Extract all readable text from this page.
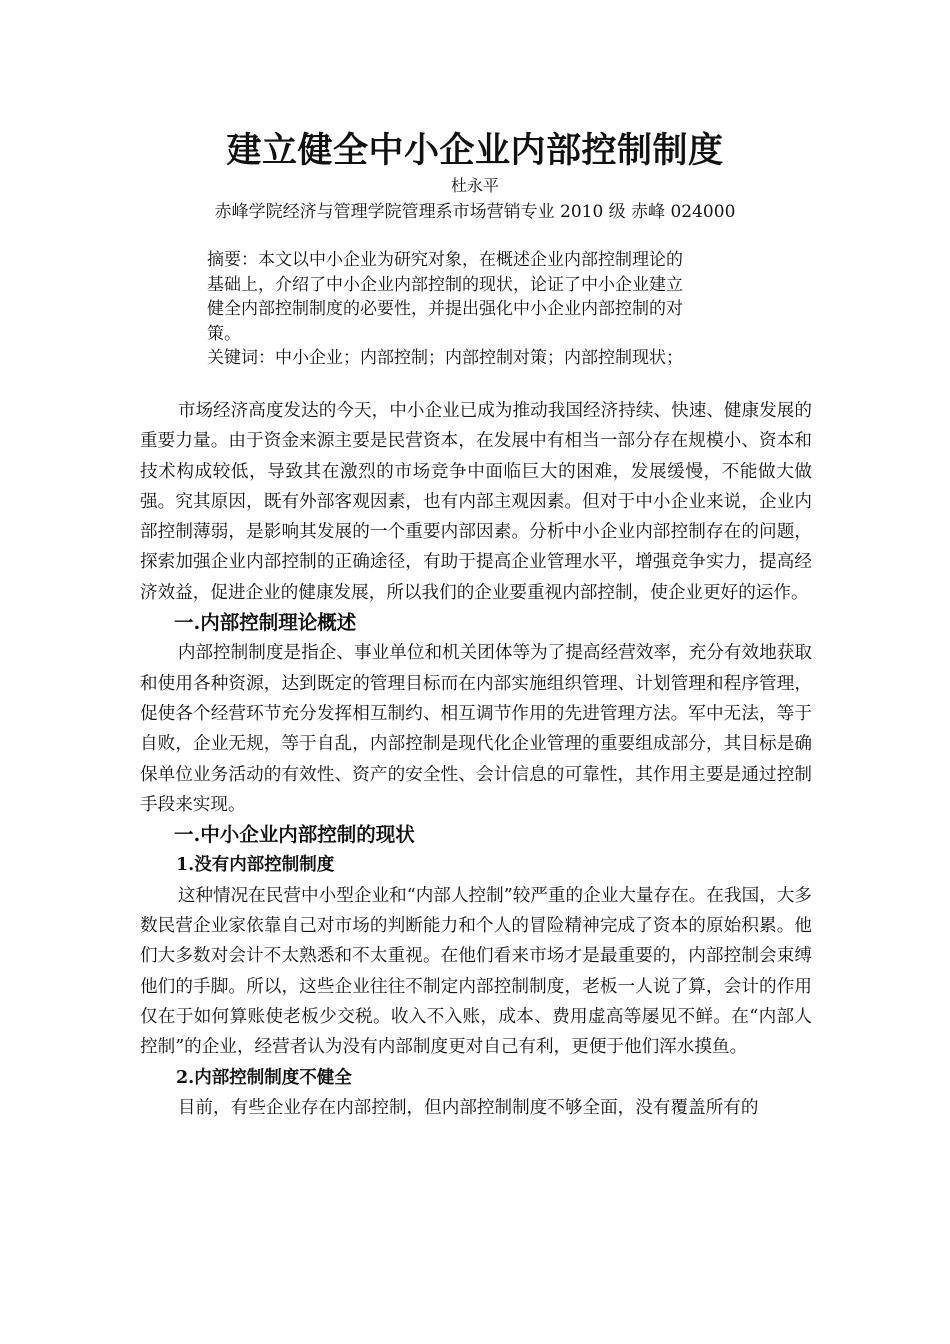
建立健全中小企业内部控制制度
杜永平
赤峰学院经济与管理学院管理系市场营销专业 2010 级 赤峰 024000

摘要：本文以中小企业为研究对象，在概述企业内部控制理论的

基础上，介绍了中小企业内部控制的现状，论证了中小企业建立

健全内部控制制度的必要性，并提出强化中小企业内部控制的对

策。

关键词：中小企业；内部控制；内部控制对策；内部控制现状；

市场经济高度发达的今天，中小企业已成为推动我国经济持续、快速、健康发展的重要力量。由于资金来源主要是民营资本，在发展中有相当一部分存在规模小、资本和技术构成较低，导致其在激烈的市场竞争中面临巨大的困难，发展缓慢，不能做大做强。究其原因，既有外部客观因素，也有内部主观因素。但对于中小企业来说，企业内部控制薄弱，是影响其发展的一个重要内部因素。分析中小企业内部控制存在的问题，探索加强企业内部控制的正确途径，有助于提高企业管理水平，增强竞争实力，提高经济效益，促进企业的健康发展，所以我们的企业要重视内部控制，使企业更好的运作。

一.内部控制理论概述

内部控制制度是指企、事业单位和机关团体等为了提高经营效率，充分有效地获取和使用各种资源，达到既定的管理目标而在内部实施组织管理、计划管理和程序管理，促使各个经营环节充分发挥相互制约、相互调节作用的先进管理方法。军中无法，等于自败，企业无规，等于自乱，内部控制是现代化企业管理的重要组成部分，其目标是确保单位业务活动的有效性、资产的安全性、会计信息的可靠性，其作用主要是通过控制手段来实现。

一.中小企业内部控制的现状
1.没有内部控制制度

这种情况在民营中小型企业和“内部人控制”较严重的企业大量存在。在我国，大多数民营企业家依靠自己对市场的判断能力和个人的冒险精神完成了资本的原始积累。他们大多数对会计不太熟悉和不太重视。在他们看来市场才是最重要的，内部控制会束缚他们的手脚。所以，这些企业往往不制定内部控制制度，老板一人说了算，会计的作用仅在于如何算账使老板少交税。收入不入账，成本、费用虚高等屡见不鲜。在“内部人控制”的企业，经营者认为没有内部制度更对自己有利，更便于他们浑水摸鱼。

2.内部控制制度不健全

目前，有些企业存在内部控制，但内部控制制度不够全面，没有覆盖所有的
